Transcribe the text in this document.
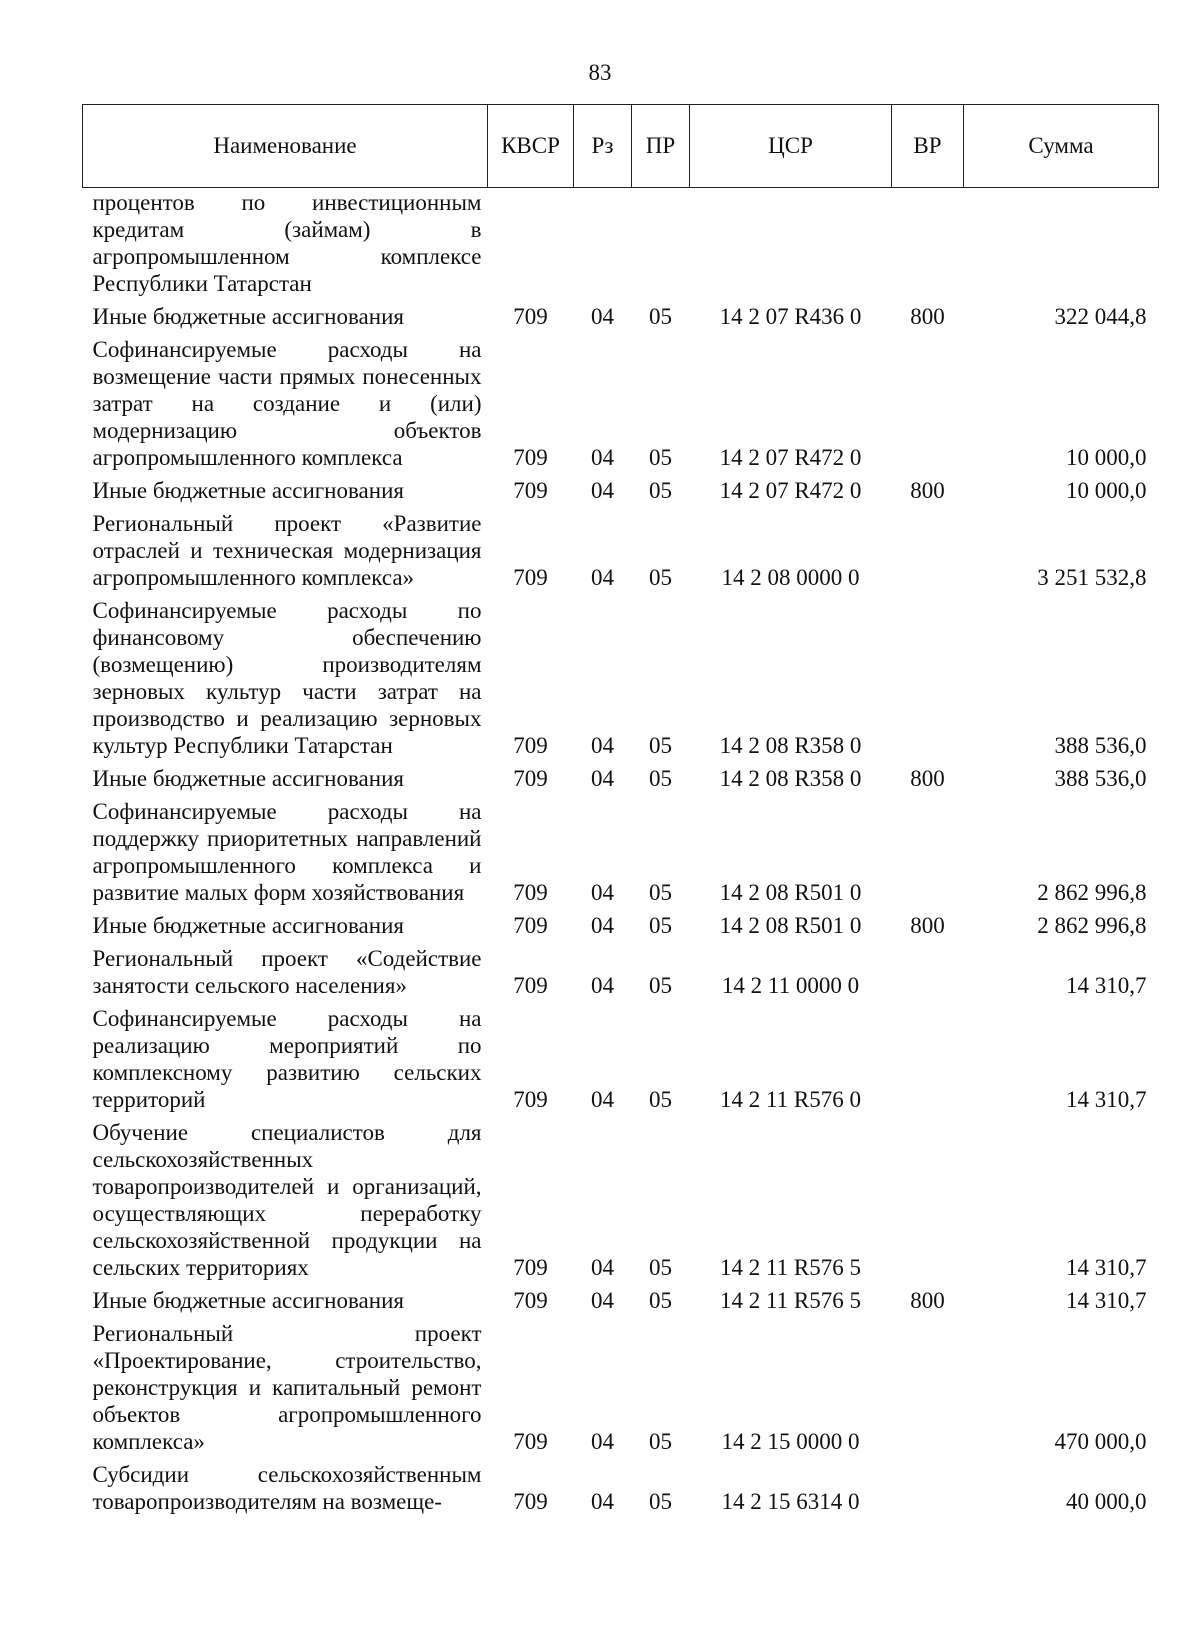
83
Наименование	КВСР	Рз	ПР	ЦСР	ВР	Сумма
процентов по инвестиционным кредитам (займам) в агропромышленном комплексе Республики Татарстан						
Иные бюджетные ассигнования	709	04	05	14 2 07 R436 0	800	322 044,8
Софинансируемые расходы на возмещение части прямых понесенных затрат на создание и (или) модернизацию объектов агропромышленного комплекса	709	04	05	14 2 07 R472 0		10 000,0
Иные бюджетные ассигнования	709	04	05	14 2 07 R472 0	800	10 000,0
Региональный проект «Развитие отраслей и техническая модернизация агропромышленного комплекса»	709	04	05	14 2 08 0000 0		3 251 532,8
Софинансируемые расходы по финансовому обеспечению (возмещению) производителям зерновых культур части затрат на производство и реализацию зерновых культур Республики Татарстан	709	04	05	14 2 08 R358 0		388 536,0
Иные бюджетные ассигнования	709	04	05	14 2 08 R358 0	800	388 536,0
Софинансируемые расходы на поддержку приоритетных направлений агропромышленного комплекса и развитие малых форм хозяйствования	709	04	05	14 2 08 R501 0		2 862 996,8
Иные бюджетные ассигнования	709	04	05	14 2 08 R501 0	800	2 862 996,8
Региональный проект «Содействие занятости сельского населения»	709	04	05	14 2 11 0000 0		14 310,7
Софинансируемые расходы на реализацию мероприятий по комплексному развитию сельских территорий	709	04	05	14 2 11 R576 0		14 310,7
Обучение специалистов для сельскохозяйственных товаропроизводителей и организаций, осуществляющих переработку сельскохозяйственной продукции на сельских территориях	709	04	05	14 2 11 R576 5		14 310,7
Иные бюджетные ассигнования	709	04	05	14 2 11 R576 5	800	14 310,7
Региональный проект «Проектирование, строительство, реконструкция и капитальный ремонт объектов агропромышленного комплекса»	709	04	05	14 2 15 0000 0		470 000,0
Субсидии сельскохозяйственным товаропроизводителям на возмеще-	709	04	05	14 2 15 6314 0		40 000,0
